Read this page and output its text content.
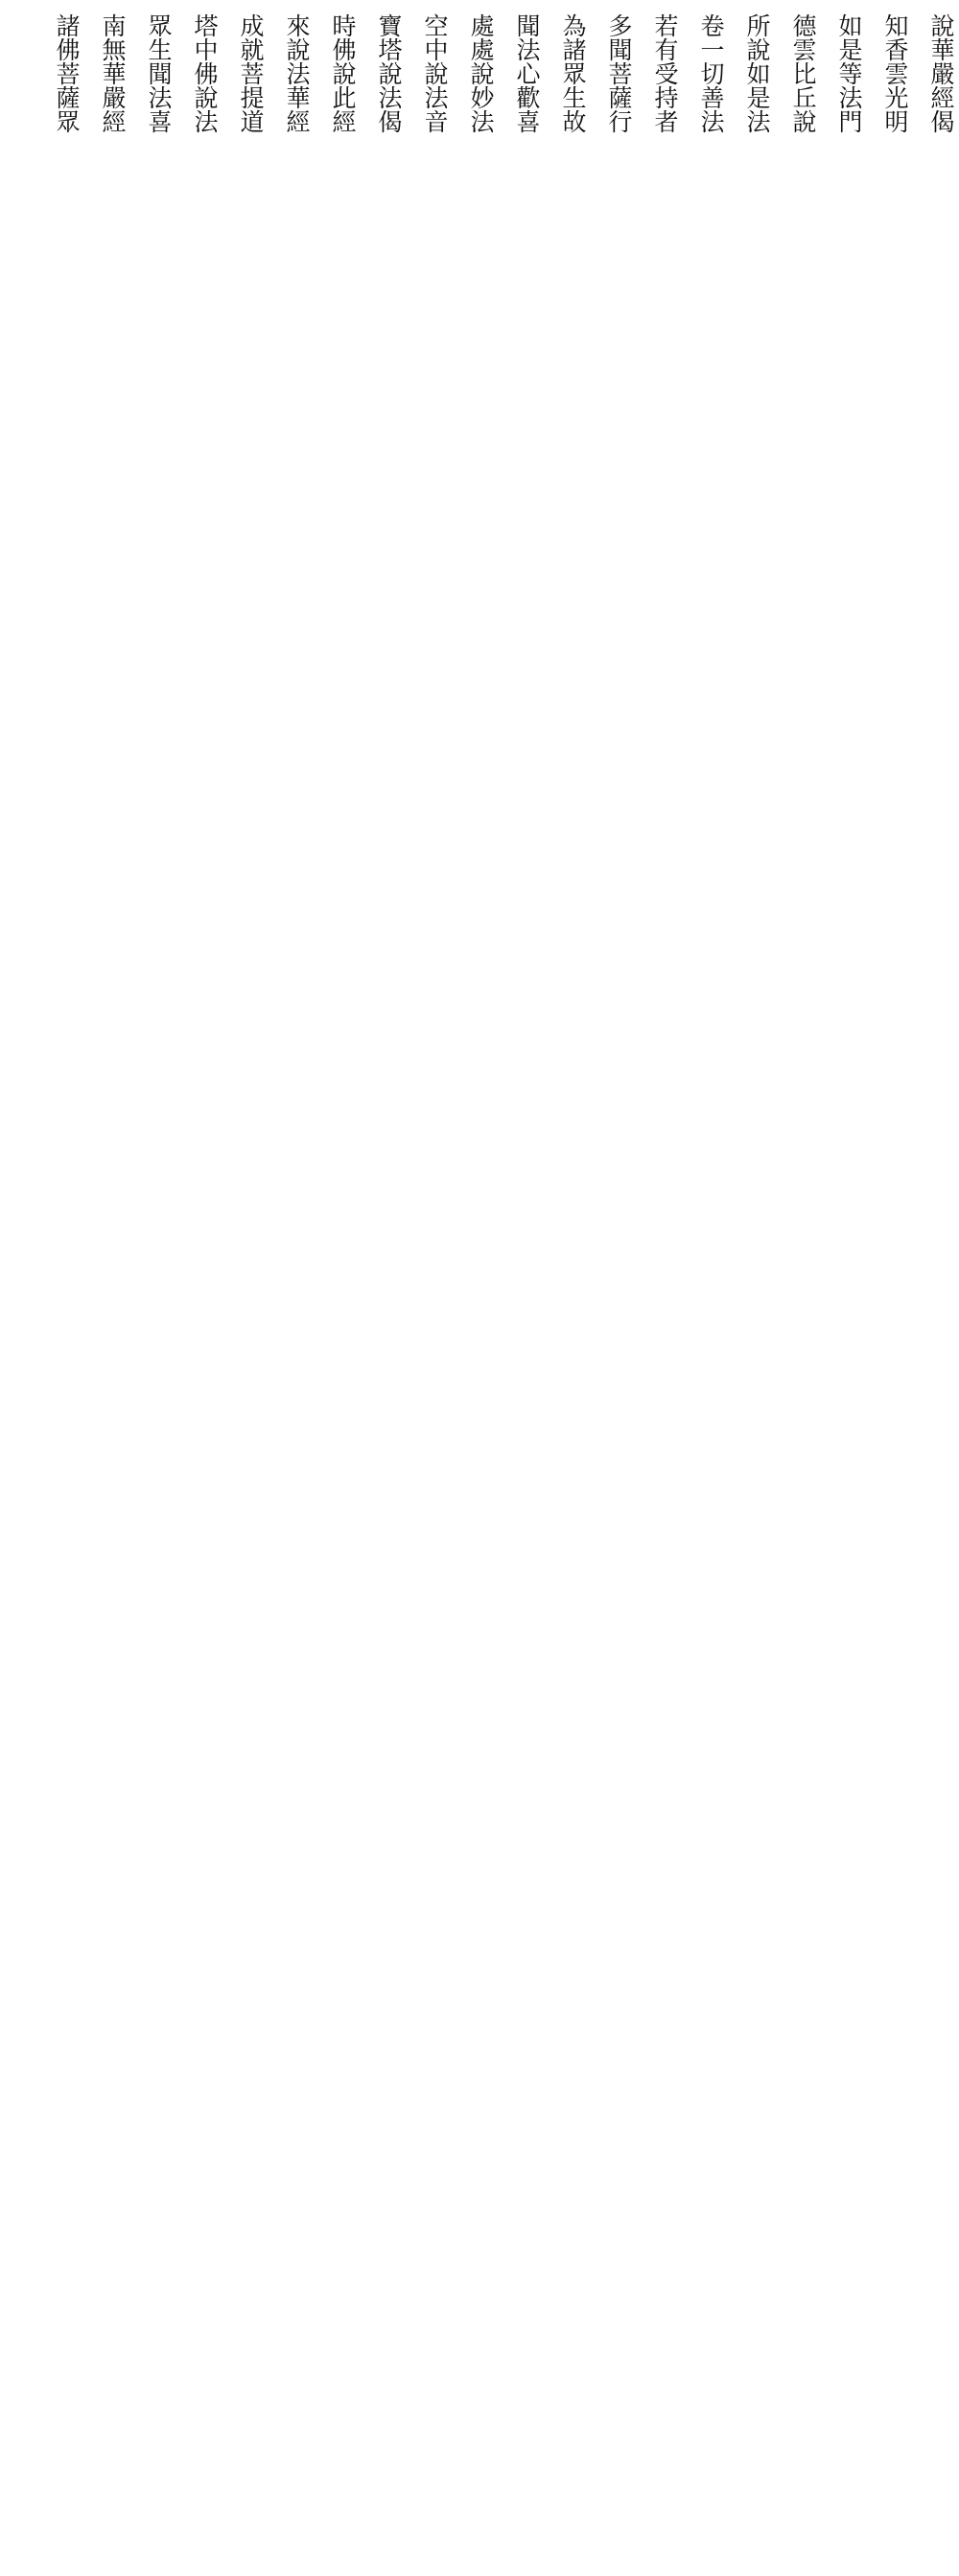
說華嚴經偈
知香雲光明
如是等法門
德雲比丘說
所說如是法
卷一切善法
若有受持者
多聞菩薩行
為諸眾生故
聞法心歡喜
處處說妙法
空中說法音
寶塔說法偈
時佛說此經
來說法華經
成就菩提道
塔中佛說法
眾生聞法喜
南無華嚴經
諸佛菩薩眾
